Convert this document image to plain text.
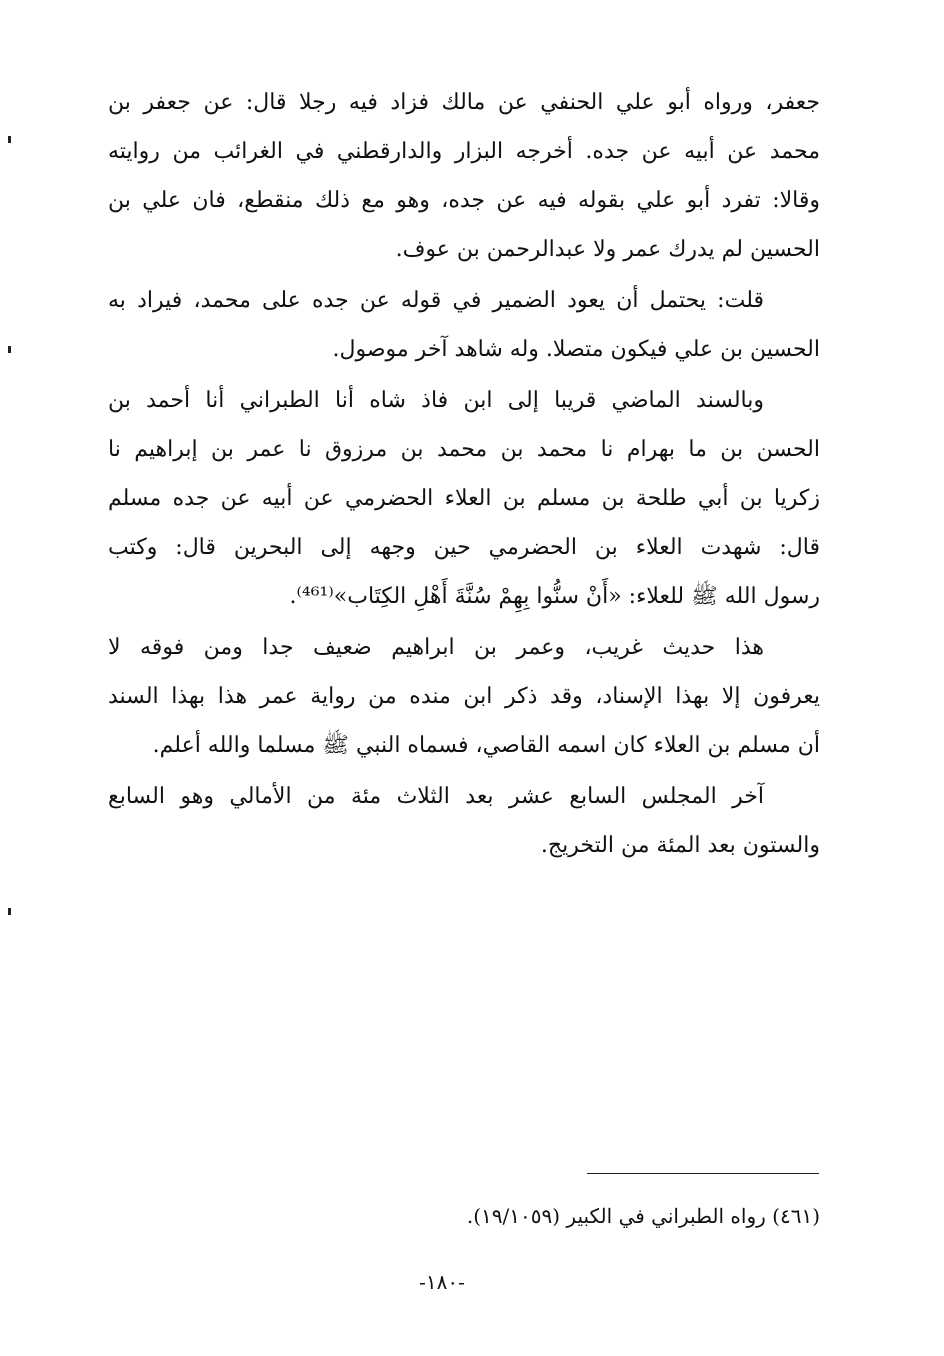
جعفر، ورواه أبو علي الحنفي عن مالك فزاد فيه رجلا قال: عن جعفر بن
محمد عن أبيه عن جده. أخرجه البزار والدارقطني في الغرائب من روايته
وقالا: تفرد أبو علي بقوله فيه عن جده، وهو مع ذلك منقطع، فان علي بن
الحسين لم يدرك عمر ولا عبدالرحمن بن عوف.
قلت: يحتمل أن يعود الضمير في قوله عن جده على محمد، فيراد به
الحسين بن علي فيكون متصلا. وله شاهد آخر موصول.
وبالسند الماضي قريبا إلى ابن فاذ شاه أنا الطبراني أنا أحمد بن
الحسن بن ما بهرام نا محمد بن محمد بن مرزوق نا عمر بن إبراهيم نا
زكريا بن أبي طلحة بن مسلم بن العلاء الحضرمي عن أبيه عن جده مسلم
قال: شهدت العلاء بن الحضرمي حين وجهه إلى البحرين قال: وكتب
رسول الله ﷺ للعلاء: «أَنْ سنُّوا بِهِمْ سُنَّةَ أَهْلِ الكِتَاب»⁽⁴⁶¹⁾.
هذا حديث غريب، وعمر بن ابراهيم ضعيف جدا ومن فوقه لا
يعرفون إلا بهذا الإسناد، وقد ذكر ابن منده من رواية عمر هذا بهذا السند
أن مسلم بن العلاء كان اسمه القاصي، فسماه النبي ﷺ مسلما والله أعلم.
آخر المجلس السابع عشر بعد الثلاث مئة من الأمالي وهو السابع
والستون بعد المئة من التخريج.
(٤٦١) رواه الطبراني في الكبير (١٩/١٠٥٩).
-١٨٠-
